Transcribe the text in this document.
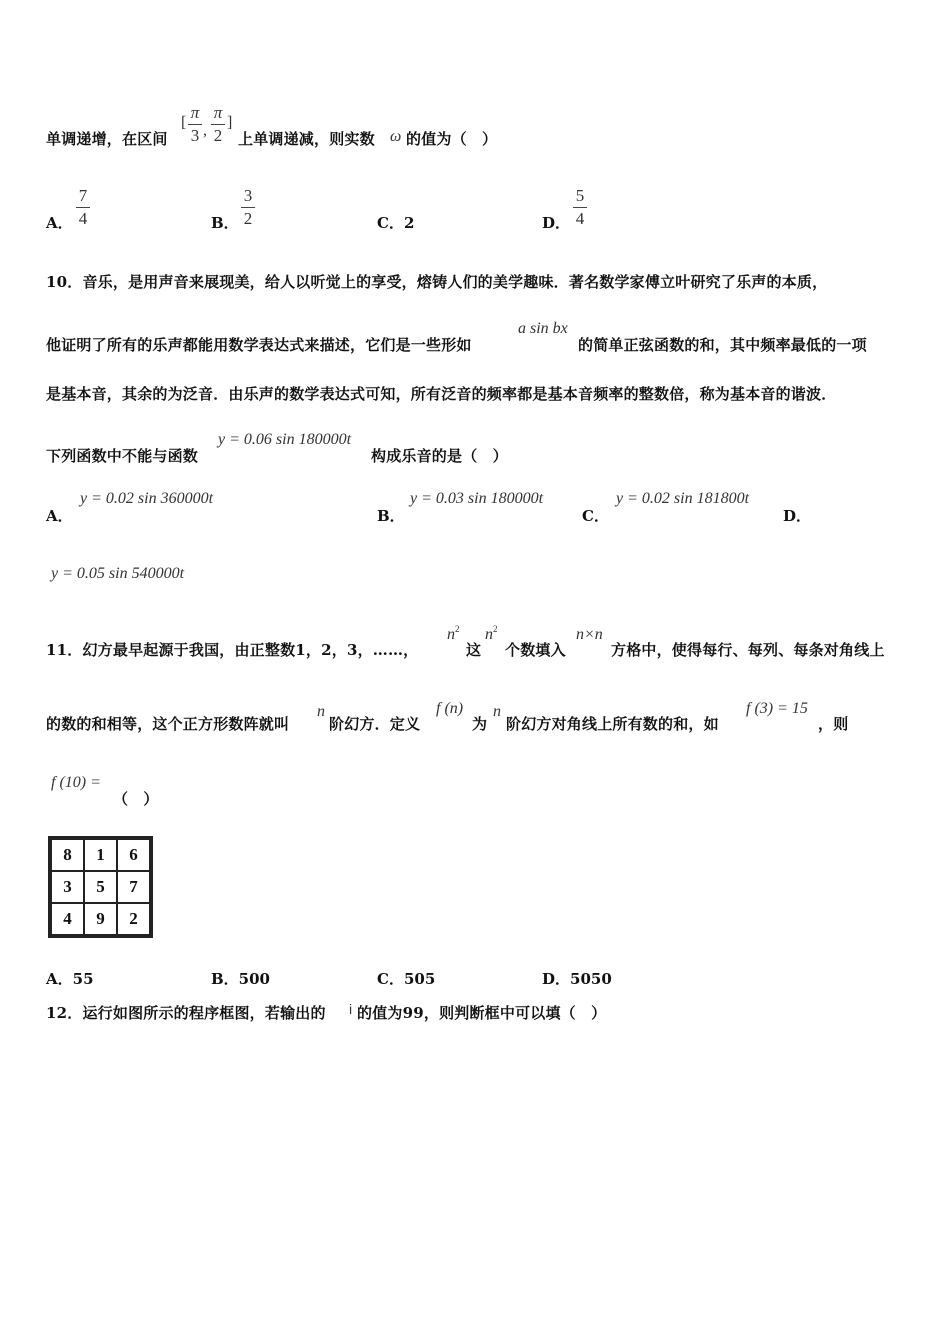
单调递增，在区间
[
π
3 ,
π
2
]
上单调递减，则实数 ω 的值为（　）
A．
7
4	B．
3
2	C．2	D．
5
4
10．音乐，是用声音来展现美，给人以听觉上的享受，熔铸人们的美学趣味．著名数学家傅立叶研究了乐声的本质，
他证明了所有的乐声都能用数学表达式来描述，它们是一些形如
a sin bx
的简单正弦函数的和，其中频率最低的一项
是基本音，其余的为泛音．由乐声的数学表达式可知，所有泛音的频率都是基本音频率的整数倍，称为基本音的谐波．
下列函数中不能与函数
y = 0.06 sin 180000t
构成乐音的是（　）
A．
y = 0.02 sin 360000t
B．
y = 0.03 sin 180000t
C．
y = 0.02 sin 181800t
D．
y = 0.05 sin 540000t
11．幻方最早起源于我国，由正整数1，2，3，……，
$n^2$
这
$n^2$
个数填入
n×n
方格中，使得每行、每列、每条对角线上
的数的和相等，这个正方形数阵就叫
n
阶幻方．定义
f (n)
为
n
阶幻方对角线上所有数的和，如
f (3) = 15
，则
f (10) =
（　）
8	1	6
3	5	7
4	9	2
A．55	B．500	C．505	D．5050
12．运行如图所示的程序框图，若输出的 i 的值为99，则判断框中可以填（　）
